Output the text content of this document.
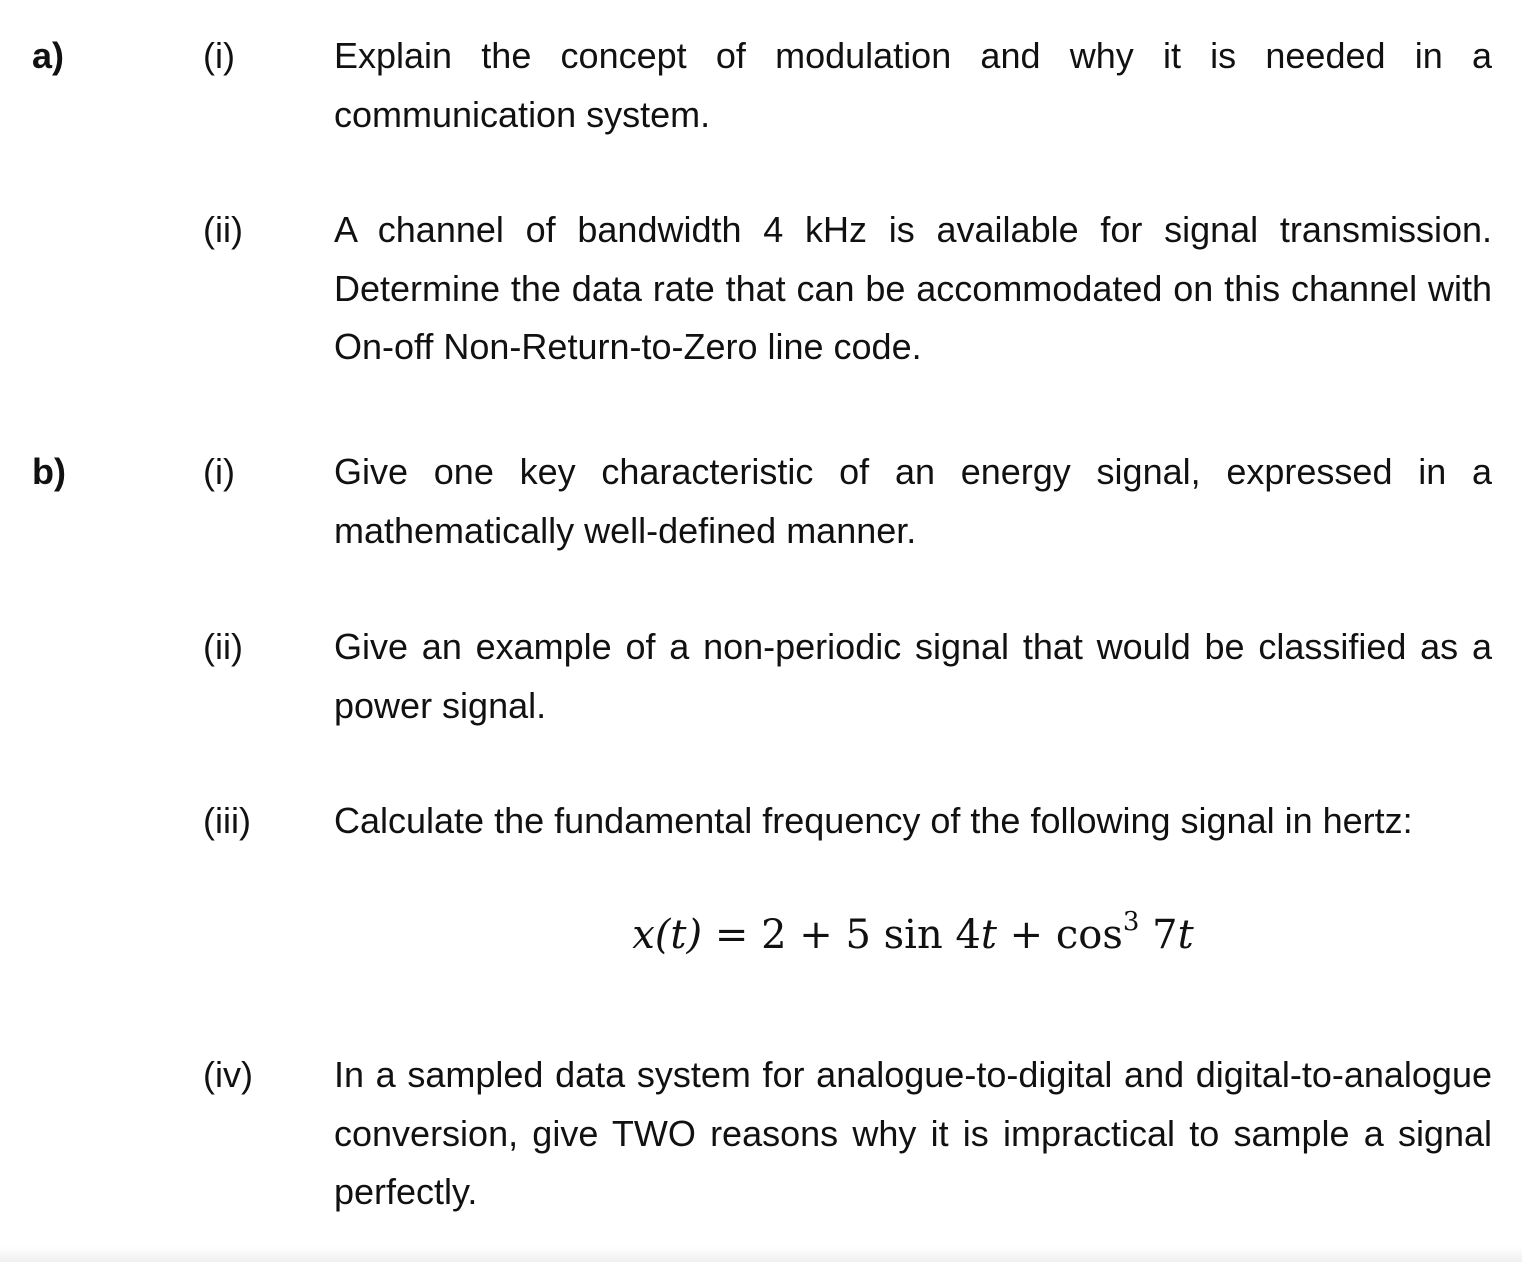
a)	(i)	Explain the concept of modulation and why it is needed in a communication system.
(ii)	A channel of bandwidth 4 kHz is available for signal transmission. Determine the data rate that can be accommodated on this channel with On-off Non-Return-to-Zero line code.
b)	(i)	Give one key characteristic of an energy signal, expressed in a mathematically well-defined manner.
(ii)	Give an example of a non-periodic signal that would be classified as a power signal.
(iii) Calculate the fundamental frequency of the following signal in hertz:
x(t) = 2 + 5 $\sin 4t + \cos^3 7t$
(iv) In a sampled data system for analogue-to-digital and digital-to-analogue conversion, give TWO reasons why it is impractical to sample a signal perfectly.
